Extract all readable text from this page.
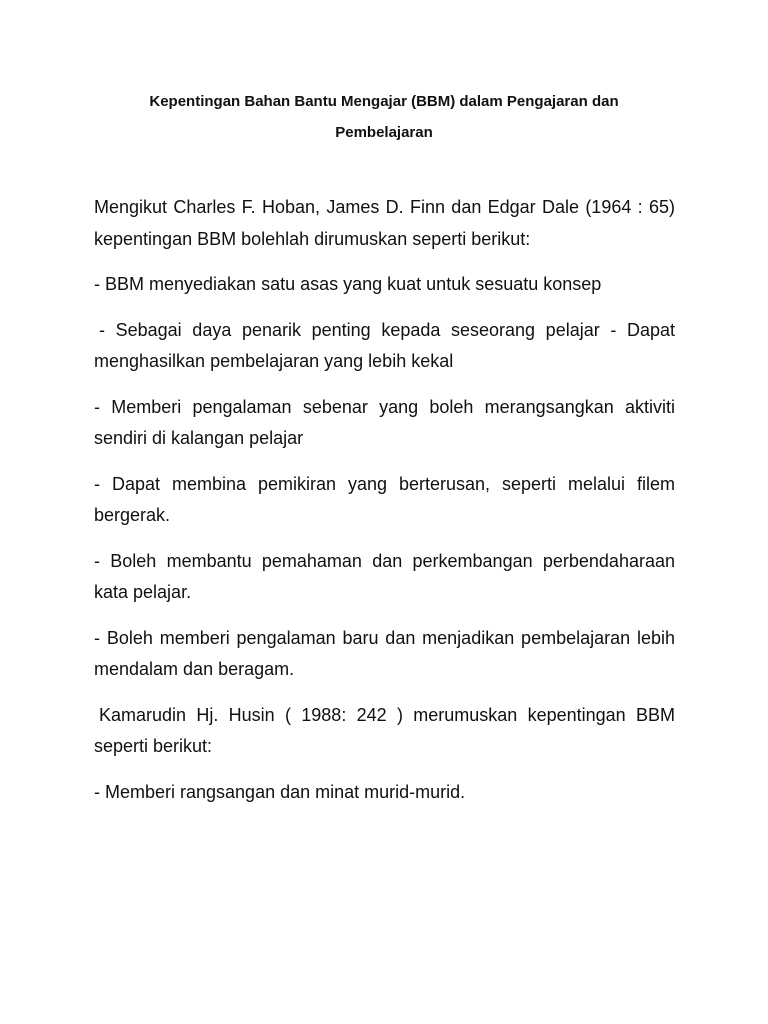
Kepentingan Bahan Bantu Mengajar (BBM) dalam Pengajaran dan
Pembelajaran

Mengikut Charles F. Hoban, James D. Finn dan Edgar Dale (1964 : 65) kepentingan BBM bolehlah dirumuskan seperti berikut:

- BBM menyediakan satu asas yang kuat untuk sesuatu konsep

- Sebagai daya penarik penting kepada seseorang pelajar - Dapat menghasilkan pembelajaran yang lebih kekal

- Memberi pengalaman sebenar yang boleh merangsangkan aktiviti sendiri di kalangan pelajar

- Dapat membina pemikiran yang berterusan, seperti melalui filem bergerak.

- Boleh membantu pemahaman dan perkembangan perbendaharaan kata pelajar.

- Boleh memberi pengalaman baru dan menjadikan pembelajaran lebih mendalam dan beragam.

Kamarudin Hj. Husin ( 1988: 242 ) merumuskan kepentingan BBM seperti berikut:

- Memberi rangsangan dan minat murid-murid.
